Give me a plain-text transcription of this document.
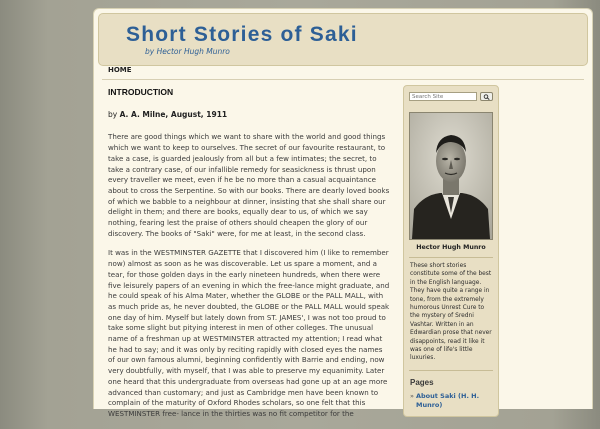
Short Stories of Saki
by Hector Hugh Munro
HOME
INTRODUCTION
by A. A. Milne, August, 1911

There are good things which we want to share with the world and good things which we want to keep to ourselves. The secret of our favourite restaurant, to take a case, is guarded jealously from all but a few intimates; the secret, to take a contrary case, of our infallible remedy for seasickness is thrust upon every traveller we meet, even if he be no more than a casual acquaintance about to cross the Serpentine. So with our books. There are dearly loved books of which we babble to a neighbour at dinner, insisting that she shall share our delight in them; and there are books, equally dear to us, of which we say nothing, fearing lest the praise of others should cheapen the glory of our discovery. The books of "Saki" were, for me at least, in the second class.

It was in the WESTMINSTER GAZETTE that I discovered him (I like to remember now) almost as soon as he was discoverable. Let us spare a moment, and a tear, for those golden days in the early nineteen hundreds, when there were five leisurely papers of an evening in which the free-lance might graduate, and he could speak of his Alma Mater, whether the GLOBE or the PALL MALL, with as much pride as, he never doubted, the GLOBE or the PALL MALL would speak one day of him. Myself but lately down from ST. JAMES', I was not too proud to take some slight but pitying interest in men of other colleges. The unusual name of a freshman up at WESTMINSTER attracted my attention; I read what he had to say; and it was only by reciting rapidly with closed eyes the names of our own famous alumni, beginning confidently with Barrie and ending, now very doubtfully, with myself, that I was able to preserve my equanimity. Later one heard that this undergraduate from overseas had gone up at an age more advanced than customary; and just as Cambridge men have been known to complain of the maturity of Oxford Rhodes scholars, so one felt that this WESTMINSTER free- lance in the thirties was no fit competitor for the

Search Site
Hector Hugh Munro
These short stories constitute some of the best in the English language. They have quite a range in tone, from the extremely humorous Unrest Cure to the mystery of Sredni Vashtar. Written in an Edwardian prose that never disappoints, read it like it was one of life's little luxuries.
Pages
» About Saki (H. H. Munro)
